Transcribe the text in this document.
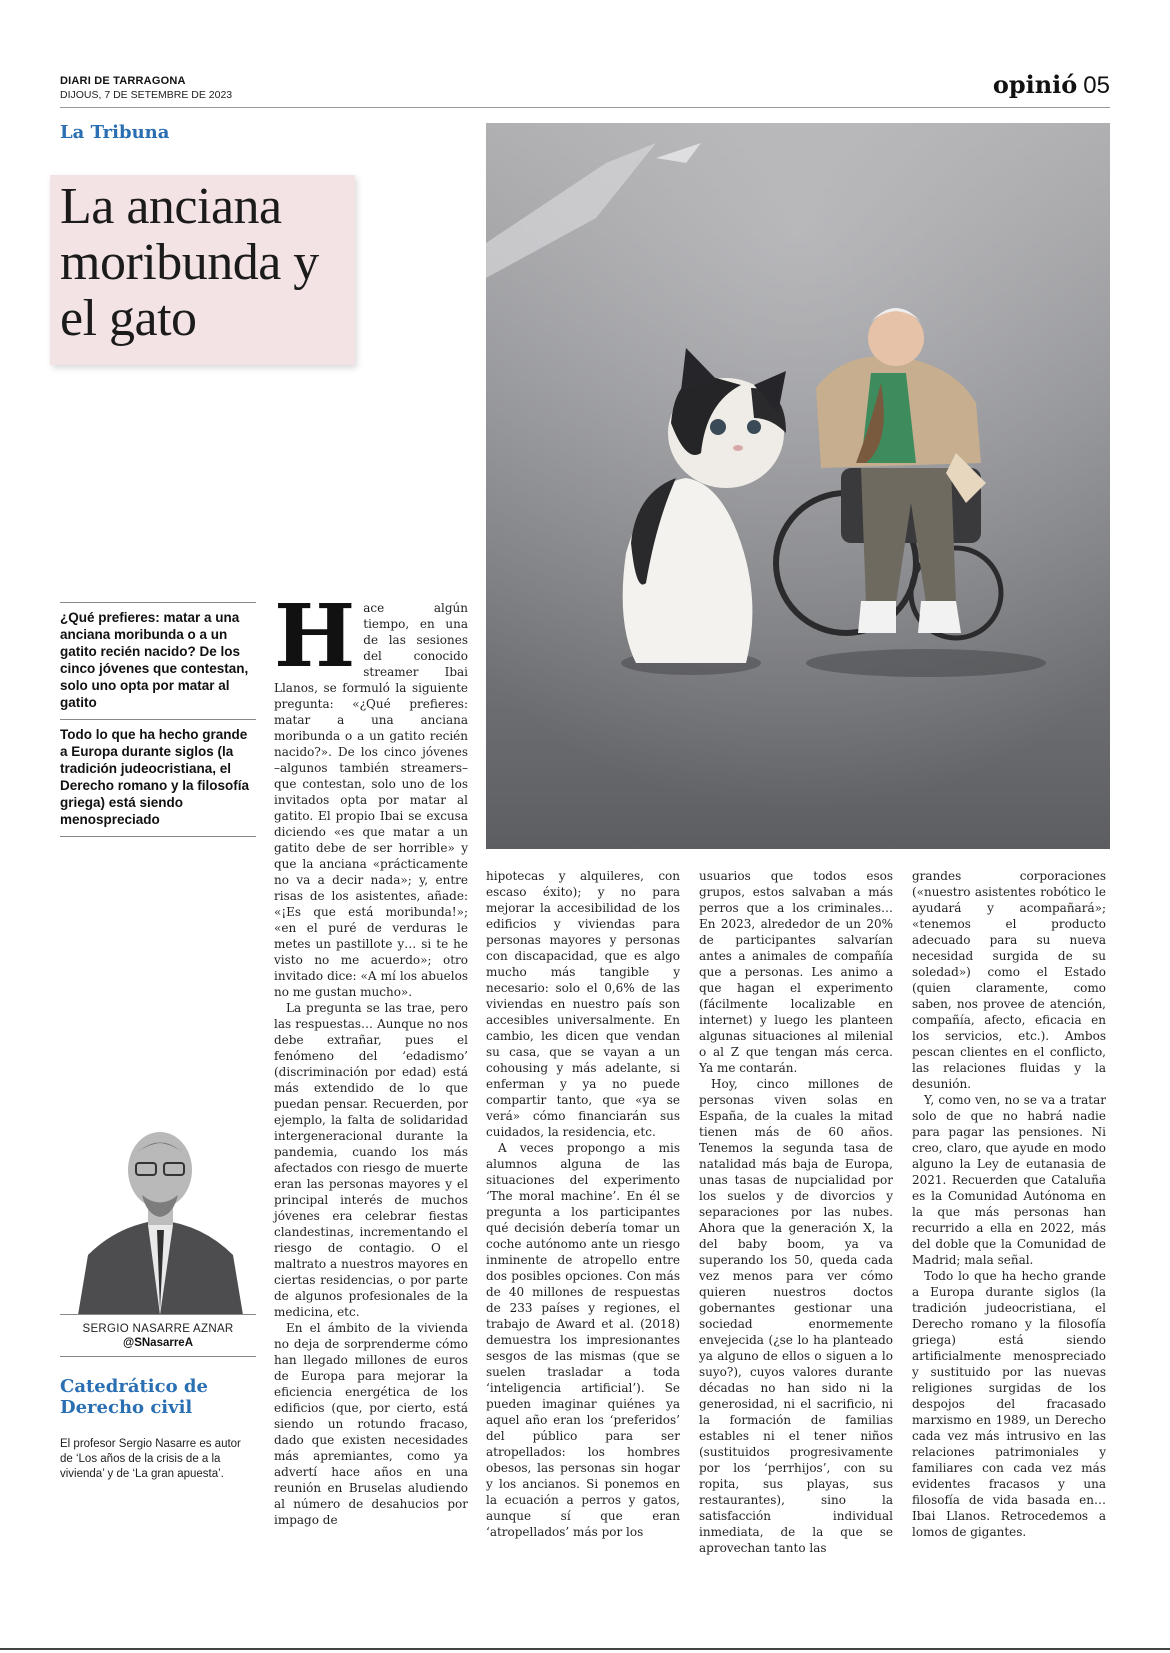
DIARI DE TARRAGONA
DIJOUS, 7 DE SETEMBRE DE 2023	opinió 05
La Tribuna
La anciana moribunda y el gato
¿Qué prefieres: matar a una anciana moribunda o a un gatito recién nacido? De los cinco jóvenes que contestan, solo uno opta por matar al gatito
Todo lo que ha hecho grande a Europa durante siglos (la tradición judeocristiana, el Derecho romano y la filosofía griega) está siendo menospreciado
SERGIO NASARRE AZNAR
@SNasarreA
Catedrático de Derecho civil
El profesor Sergio Nasarre es autor de ‘Los años de la crisis de a la vivienda’ y de ‘La gran apuesta’.

Hace algún tiempo, en una de las sesiones del conocido streamer Ibai Llanos, se formuló la siguiente pregunta: «¿Qué prefieres: matar a una anciana moribunda o a un gatito recién nacido?». De los cinco jóvenes –algunos también streamers– que contestan, solo uno de los invitados opta por matar al gatito. El propio Ibai se excusa diciendo «es que matar a un gatito debe de ser horrible» y que la anciana «prácticamente no va a decir nada»; y, entre risas de los asistentes, añade: «¡Es que está moribunda!»; «en el puré de verduras le metes un pastillote y… si te he visto no me acuerdo»; otro invitado dice: «A mí los abuelos no me gustan mucho».

La pregunta se las trae, pero las respuestas… Aunque no nos debe extrañar, pues el fenómeno del ‘edadismo’ (discriminación por edad) está más extendido de lo que puedan pensar. Recuerden, por ejemplo, la falta de solidaridad intergeneracional durante la pandemia, cuando los más afectados con riesgo de muerte eran las personas mayores y el principal interés de muchos jóvenes era celebrar fiestas clandestinas, incrementando el riesgo de contagio. O el maltrato a nuestros mayores en ciertas residencias, o por parte de algunos profesionales de la medicina, etc.

En el ámbito de la vivienda no deja de sorprenderme cómo han llegado millones de euros de Europa para mejorar la eficiencia energética de los edificios (que, por cierto, está siendo un rotundo fracaso, dado que existen necesidades más apremiantes, como ya advertí hace años en una reunión en Bruselas aludiendo al número de desahucios por impago de

hipotecas y alquileres, con escaso éxito); y no para mejorar la accesibilidad de los edificios y viviendas para personas mayores y personas con discapacidad, que es algo mucho más tangible y necesario: solo el 0,6% de las viviendas en nuestro país son accesibles universalmente. En cambio, les dicen que vendan su casa, que se vayan a un cohousing y más adelante, si enferman y ya no puede compartir tanto, que «ya se verá» cómo financiarán sus cuidados, la residencia, etc.

A veces propongo a mis alumnos alguna de las situaciones del experimento ‘The moral machine’. En él se pregunta a los participantes qué decisión debería tomar un coche autónomo ante un riesgo inminente de atropello entre dos posibles opciones. Con más de 40 millones de respuestas de 233 países y regiones, el trabajo de Award et al. (2018) demuestra los impresionantes sesgos de las mismas (que se suelen trasladar a toda ‘inteligencia artificial’). Se pueden imaginar quiénes ya aquel año eran los ‘preferidos’ del público para ser atropellados: los hombres obesos, las personas sin hogar y los ancianos. Si ponemos en la ecuación a perros y gatos, aunque sí que eran ‘atropellados’ más por los

usuarios que todos esos grupos, estos salvaban a más perros que a los criminales… En 2023, alrededor de un 20% de participantes salvarían antes a animales de compañía que a personas. Les animo a que hagan el experimento (fácilmente localizable en internet) y luego les planteen algunas situaciones al milenial o al Z que tengan más cerca. Ya me contarán.

Hoy, cinco millones de personas viven solas en España, de la cuales la mitad tienen más de 60 años. Tenemos la segunda tasa de natalidad más baja de Europa, unas tasas de nupcialidad por los suelos y de divorcios y separaciones por las nubes. Ahora que la generación X, la del baby boom, ya va superando los 50, queda cada vez menos para ver cómo quieren nuestros doctos gobernantes gestionar una sociedad enormemente envejecida (¿se lo ha planteado ya alguno de ellos o siguen a lo suyo?), cuyos valores durante décadas no han sido ni la generosidad, ni el sacrificio, ni la formación de familias estables ni el tener niños (sustituidos progresivamente por los ‘perrhijos’, con su ropita, sus playas, sus restaurantes), sino la satisfacción individual inmediata, de la que se aprovechan tanto las

grandes corporaciones («nuestro asistentes robótico le ayudará y acompañará»; «tenemos el producto adecuado para su nueva necesidad surgida de su soledad») como el Estado (quien claramente, como saben, nos provee de atención, compañía, afecto, eficacia en los servicios, etc.). Ambos pescan clientes en el conflicto, las relaciones fluidas y la desunión.

Y, como ven, no se va a tratar solo de que no habrá nadie para pagar las pensiones. Ni creo, claro, que ayude en modo alguno la Ley de eutanasia de 2021. Recuerden que Cataluña es la Comunidad Autónoma en la que más personas han recurrido a ella en 2022, más del doble que la Comunidad de Madrid; mala señal.

Todo lo que ha hecho grande a Europa durante siglos (la tradición judeocristiana, el Derecho romano y la filosofía griega) está siendo artificialmente menospreciado y sustituido por las nuevas religiones surgidas de los despojos del fracasado marxismo en 1989, un Derecho cada vez más intrusivo en las relaciones patrimoniales y familiares con cada vez más evidentes fracasos y una filosofía de vida basada en… Ibai Llanos. Retrocedemos a lomos de gigantes.
